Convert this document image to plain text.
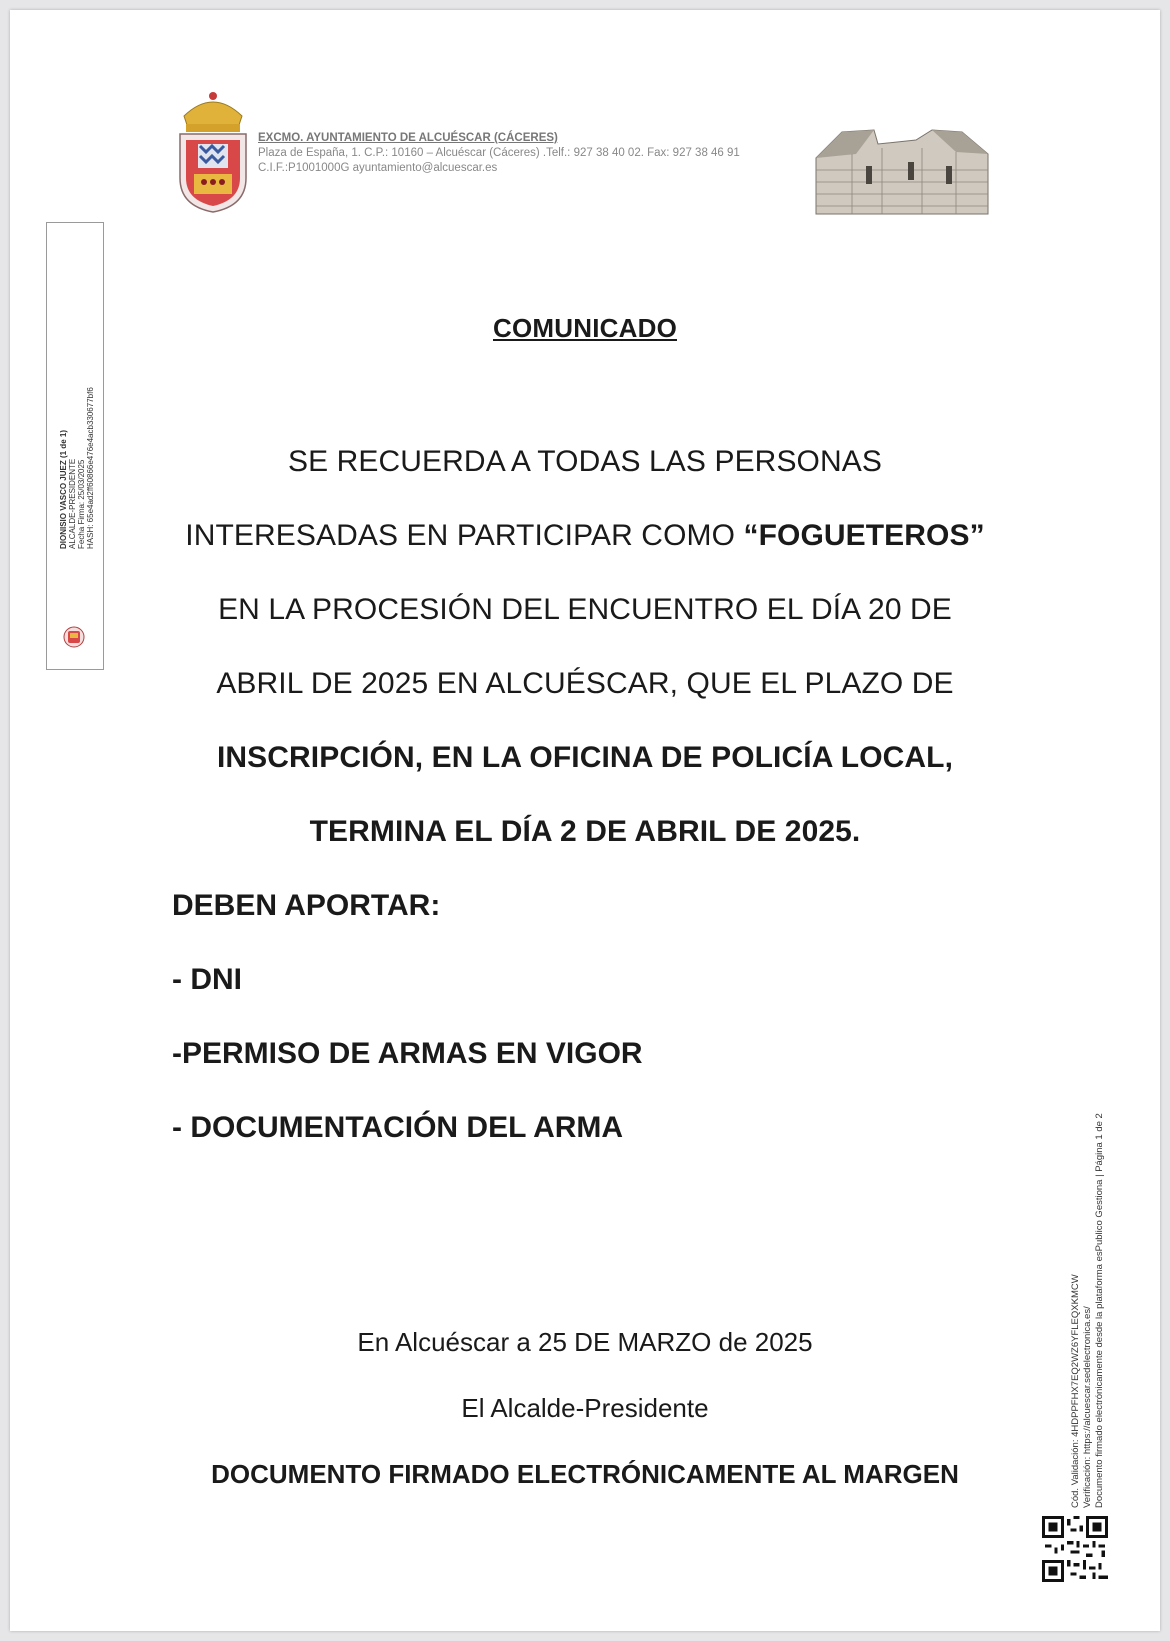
EXCMO. AYUNTAMIENTO DE ALCUÉSCAR (CÁCERES)
Plaza de España, 1. C.P.: 10160 – Alcuéscar (Cáceres) .Telf.: 927 38 40 02. Fax: 927 38 46 91
C.I.F.:P1001000G ayuntamiento@alcuescar.es
DIONISIO VASCO JUEZ (1 de 1) ALCALDE-PRESIDENTE Fecha Firma: 25/03/2025 HASH: 65e4ad2ff60866e476e4acb330677bf6
COMUNICADO
SE RECUERDA A TODAS LAS PERSONAS
INTERESADAS EN PARTICIPAR COMO “FOGUETEROS”
EN LA PROCESIÓN DEL ENCUENTRO EL DÍA 20 DE
ABRIL DE 2025 EN ALCUÉSCAR, QUE EL PLAZO DE
INSCRIPCIÓN, EN LA OFICINA DE POLICÍA LOCAL,
TERMINA EL DÍA 2 DE ABRIL DE 2025.
DEBEN APORTAR:
- DNI
-PERMISO DE ARMAS EN VIGOR
- DOCUMENTACIÓN DEL ARMA
En Alcuéscar a 25 DE MARZO de 2025
El Alcalde-Presidente
DOCUMENTO FIRMADO ELECTRÓNICAMENTE AL MARGEN	Cód. Validación: 4HDPPFHX7EQ2WZ6YFLEQXKMCW Verificación: https://alcuescar.sedelectronica.es/ Documento firmado electrónicamente desde la plataforma esPublico Gestiona | Página 1 de 2
